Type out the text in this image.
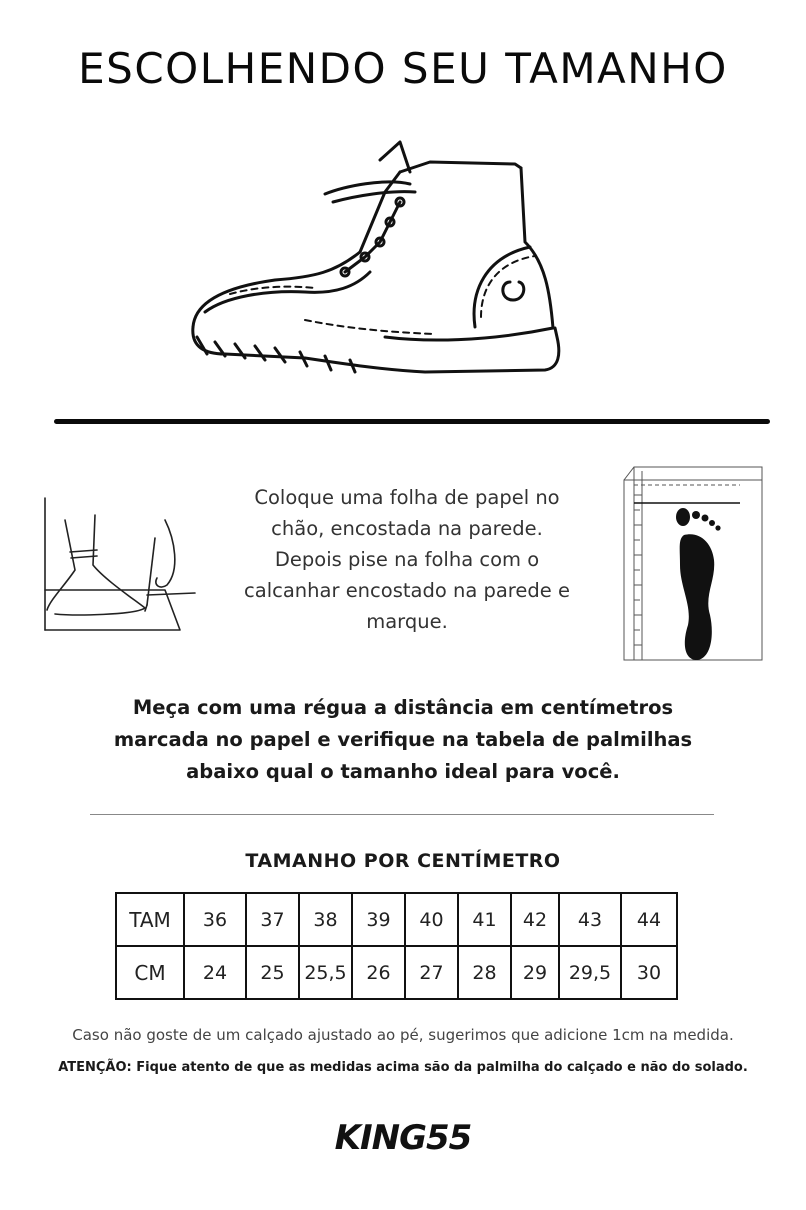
ESCOLHENDO SEU TAMANHO
Coloque uma folha de papel no
chão, encostada na parede.
Depois pise na folha com o
calcanhar encostado na parede e
marque.
Meça com uma régua a distância em centímetros
marcada no papel e verifique na tabela de palmilhas
abaixo qual o tamanho ideal para você.
TAMANHO POR CENTÍMETRO
TAM	36	37	38	39	40	41	42	43	44
CM	24	25	25,5	26	27	28	29	29,5	30
Caso não goste de um calçado ajustado ao pé, sugerimos que adicione 1cm na medida.
ATENÇÃO: Fique atento de que as medidas acima são da palmilha do calçado e não do solado.
KING55
